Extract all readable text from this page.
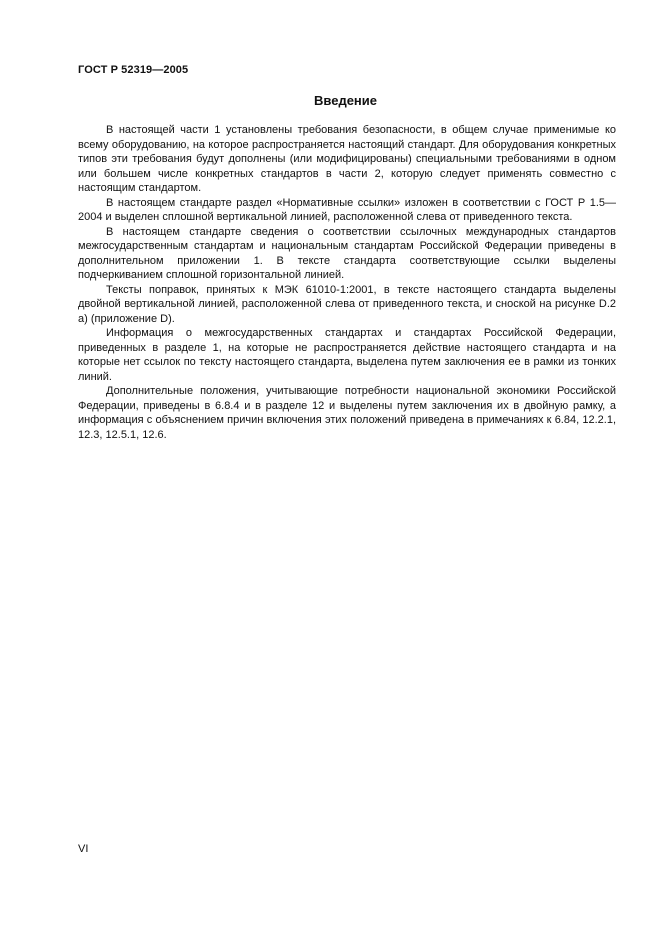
ГОСТ Р 52319—2005
Введение

В настоящей части 1 установлены требования безопасности, в общем случае применимые ко всему оборудованию, на которое распространяется настоящий стандарт. Для оборудования конкретных типов эти требования будут дополнены (или модифицированы) специальными требованиями в одном или большем числе конкретных стандартов в части 2, которую следует применять совместно с настоящим стандартом.

В настоящем стандарте раздел «Нормативные ссылки» изложен в соответствии с ГОСТ Р 1.5—2004 и выделен сплошной вертикальной линией, расположенной слева от приведенного текста.

В настоящем стандарте сведения о соответствии ссылочных международных стандартов межгосударственным стандартам и национальным стандартам Российской Федерации приведены в дополнительном приложении 1. В тексте стандарта соответствующие ссылки выделены подчеркиванием сплошной горизонтальной линией.

Тексты поправок, принятых к МЭК 61010-1:2001, в тексте настоящего стандарта выделены двойной вертикальной линией, расположенной слева от приведенного текста, и сноской на рисунке D.2 а) (приложение D).

Информация о межгосударственных стандартах и стандартах Российской Федерации, приведенных в разделе 1, на которые не распространяется действие настоящего стандарта и на которые нет ссылок по тексту настоящего стандарта, выделена путем заключения ее в рамки из тонких линий.

Дополнительные положения, учитывающие потребности национальной экономики Российской Федерации, приведены в 6.8.4 и в разделе 12 и выделены путем заключения их в двойную рамку, а информация с объяснением причин включения этих положений приведена в примечаниях к 6.84, 12.2.1, 12.3, 12.5.1, 12.6.

VI
